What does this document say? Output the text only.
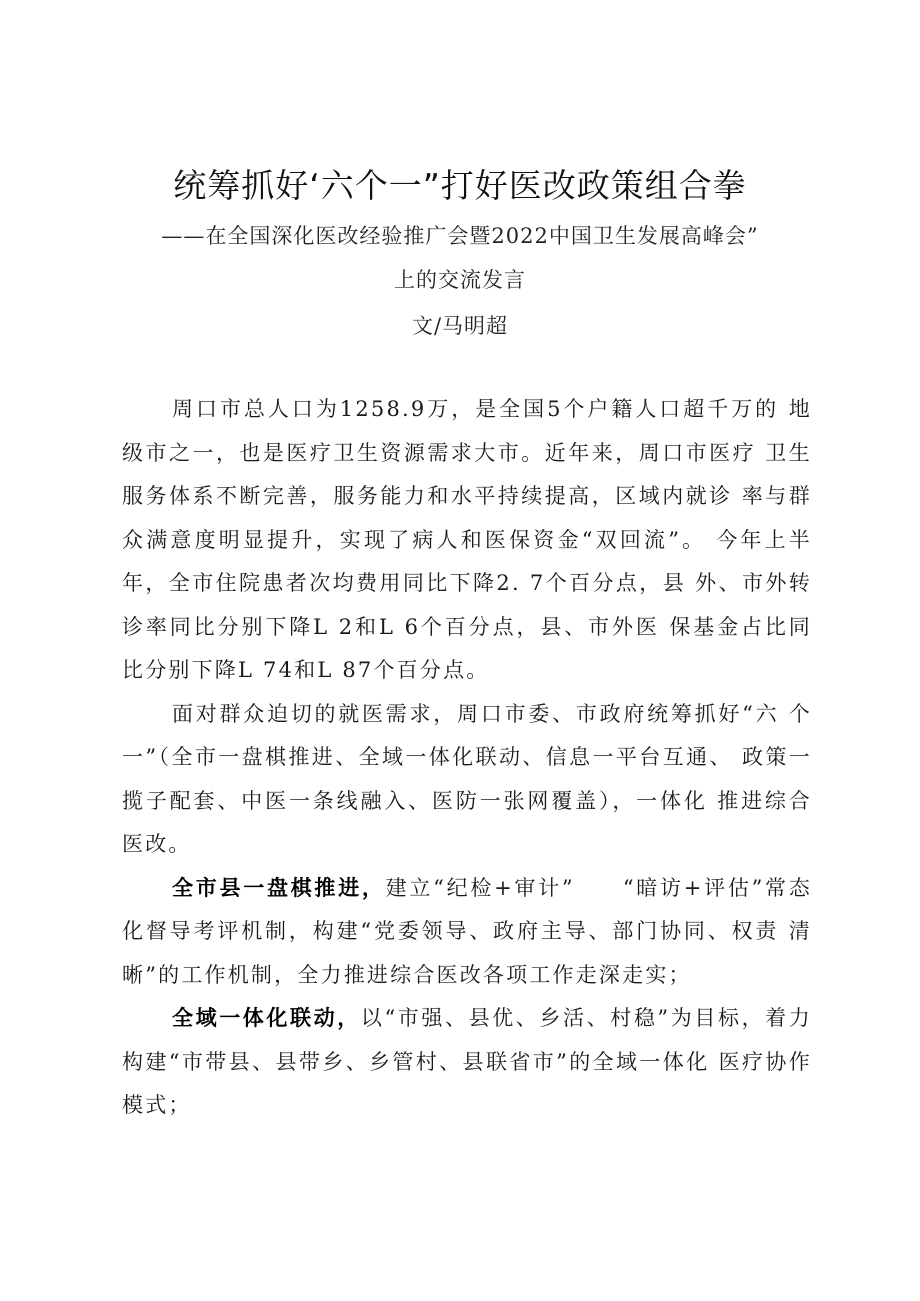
统筹抓好‘六个一”打好医改政策组合拳
——在全国深化医改经验推广会暨2022中国卫生发展高峰会”
上的交流发言
文/马明超

周口市总人口为1258.9万，是全国5个户籍人口超千万的 地级市之一，也是医疗卫生资源需求大市。近年来，周口市医疗 卫生服务体系不断完善，服务能力和水平持续提高，区域内就诊 率与群众满意度明显提升，实现了病人和医保资金“双回流”。 今年上半年，全市住院患者次均费用同比下降2. 7个百分点，县 外、市外转诊率同比分别下降L 2和L 6个百分点，县、市外医 保基金占比同比分别下降L 74和L 87个百分点。

面对群众迫切的就医需求，周口市委、市政府统筹抓好“六 个一”（全市一盘棋推进、全域一体化联动、信息一平台互通、 政策一揽子配套、中医一条线融入、医防一张网覆盖），一体化 推进综合医改。

全市县一盘棋推进，建立“纪检+审计”　　“暗访+评估”常态化督导考评机制，构建“党委领导、政府主导、部门协同、权责 清晰”的工作机制，全力推进综合医改各项工作走深走实；

全域一体化联动，以“市强、县优、乡活、村稳”为目标，着力构建“市带县、县带乡、乡管村、县联省市”的全域一体化 医疗协作模式；
